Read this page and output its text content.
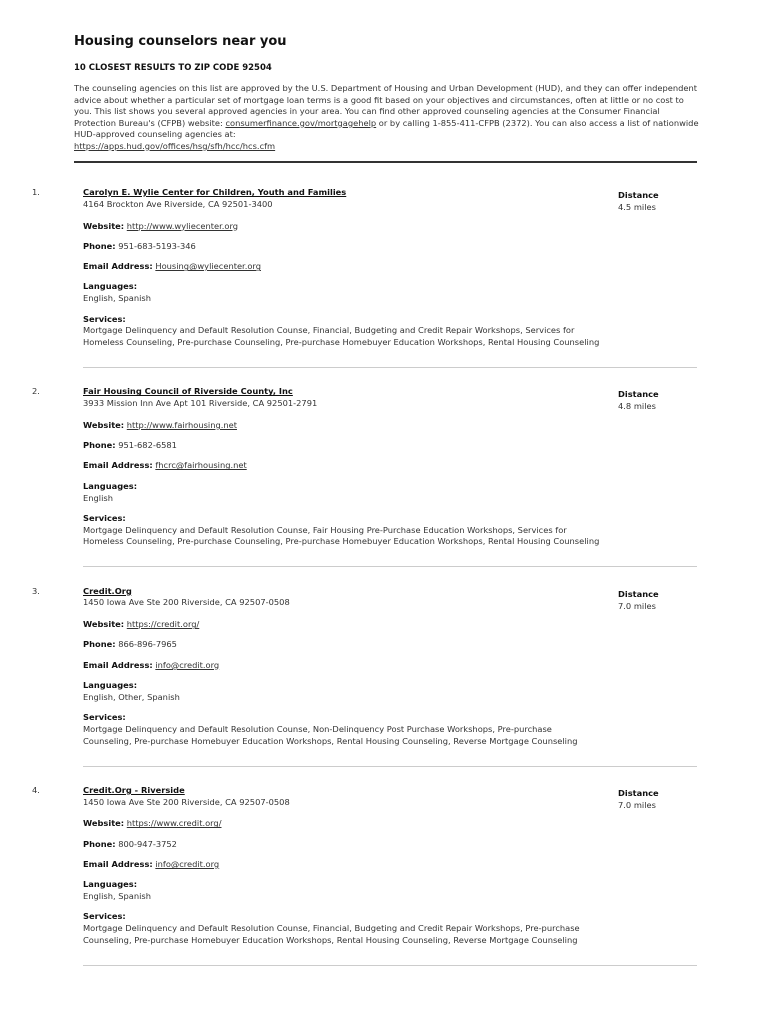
Housing counselors near you
10 CLOSEST RESULTS TO ZIP CODE 92504
The counseling agencies on this list are approved by the U.S. Department of Housing and Urban Development (HUD), and they can offer independent advice about whether a particular set of mortgage loan terms is a good fit based on your objectives and circumstances, often at little or no cost to you. This list shows you several approved agencies in your area. You can find other approved counseling agencies at the Consumer Financial Protection Bureau's (CFPB) website: consumerfinance.gov/mortgagehelp or by calling 1-855-411-CFPB (2372). You can also access a list of nationwide HUD-approved counseling agencies at:
https://apps.hud.gov/offices/hsg/sfh/hcc/hcs.cfm
1.	Carolyn E. Wylie Center for Children, Youth and Families
4164 Brockton Ave Riverside, CA 92501-3400
Website: http://www.wyliecenter.org
Phone: 951-683-5193-346
Email Address: Housing@wyliecenter.org
Languages:
English, Spanish
Services:
Mortgage Delinquency and Default Resolution Counse, Financial, Budgeting and Credit Repair Workshops, Services for Homeless Counseling, Pre-purchase Counseling, Pre-purchase Homebuyer Education Workshops, Rental Housing Counseling
Distance
4.5 miles
2.	Fair Housing Council of Riverside County, Inc
3933 Mission Inn Ave Apt 101 Riverside, CA 92501-2791
Website: http://www.fairhousing.net
Phone: 951-682-6581
Email Address: fhcrc@fairhousing.net
Languages:
English
Services:
Mortgage Delinquency and Default Resolution Counse, Fair Housing Pre-Purchase Education Workshops, Services for Homeless Counseling, Pre-purchase Counseling, Pre-purchase Homebuyer Education Workshops, Rental Housing Counseling
Distance
4.8 miles
3.	Credit.Org
1450 Iowa Ave Ste 200 Riverside, CA 92507-0508
Website: https://credit.org/
Phone: 866-896-7965
Email Address: info@credit.org
Languages:
English, Other, Spanish
Services:
Mortgage Delinquency and Default Resolution Counse, Non-Delinquency Post Purchase Workshops, Pre-purchase Counseling, Pre-purchase Homebuyer Education Workshops, Rental Housing Counseling, Reverse Mortgage Counseling
Distance
7.0 miles
4.	Credit.Org - Riverside
1450 Iowa Ave Ste 200 Riverside, CA 92507-0508
Website: https://www.credit.org/
Phone: 800-947-3752
Email Address: info@credit.org
Languages:
English, Spanish
Services:
Mortgage Delinquency and Default Resolution Counse, Financial, Budgeting and Credit Repair Workshops, Pre-purchase Counseling, Pre-purchase Homebuyer Education Workshops, Rental Housing Counseling, Reverse Mortgage Counseling
Distance
7.0 miles
